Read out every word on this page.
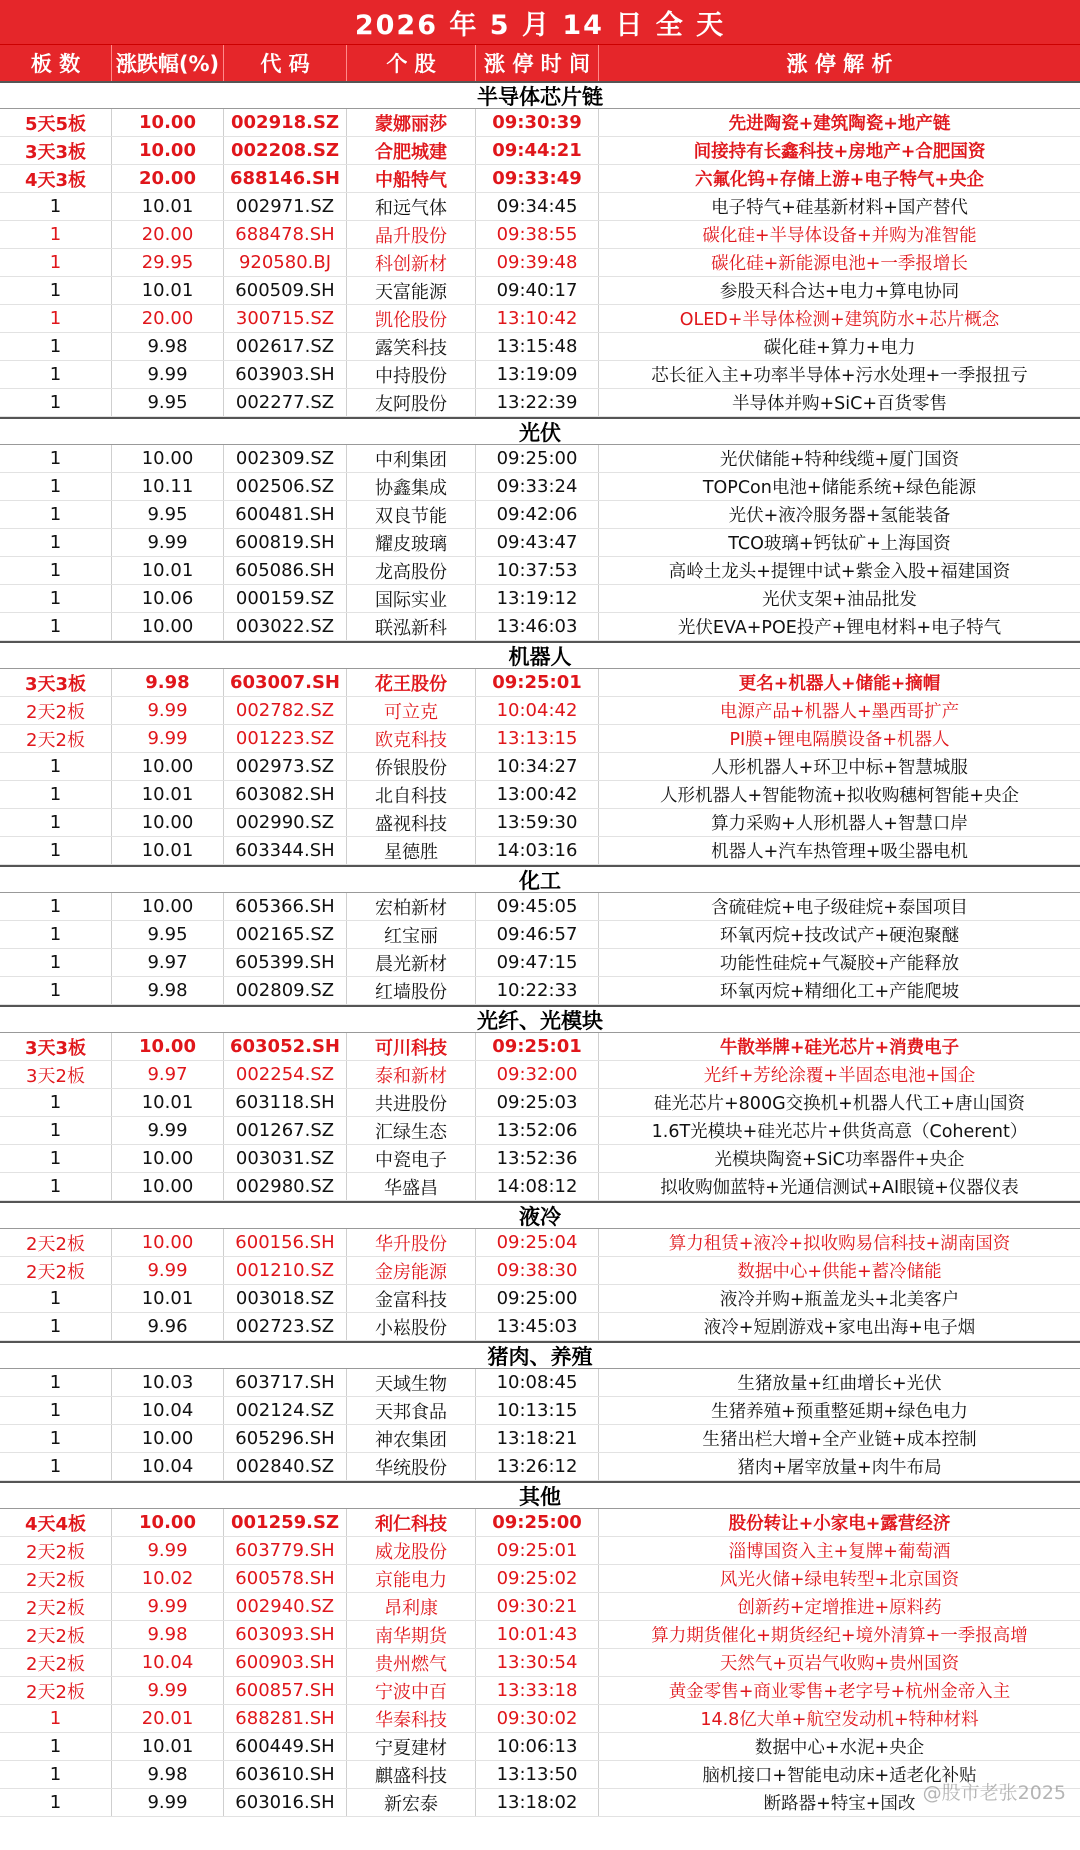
2026 年 5 月 14 日 全 天
板 数	涨跌幅(%)	代 码	个 股	涨 停 时 间	涨 停 解 析
半导体芯片链
5天5板	10.00	002918.SZ	蒙娜丽莎	09:30:39	先进陶瓷+建筑陶瓷+地产链
3天3板	10.00	002208.SZ	合肥城建	09:44:21	间接持有长鑫科技+房地产+合肥国资
4天3板	20.00	688146.SH	中船特气	09:33:49	六氟化钨+存储上游+电子特气+央企
1	10.01	002971.SZ	和远气体	09:34:45	电子特气+硅基新材料+国产替代
1	20.00	688478.SH	晶升股份	09:38:55	碳化硅+半导体设备+并购为准智能
1	29.95	920580.BJ	科创新材	09:39:48	碳化硅+新能源电池+一季报增长
1	10.01	600509.SH	天富能源	09:40:17	参股天科合达+电力+算电协同
1	20.00	300715.SZ	凯伦股份	13:10:42	OLED+半导体检测+建筑防水+芯片概念
1	9.98	002617.SZ	露笑科技	13:15:48	碳化硅+算力+电力
1	9.99	603903.SH	中持股份	13:19:09	芯长征入主+功率半导体+污水处理+一季报扭亏
1	9.95	002277.SZ	友阿股份	13:22:39	半导体并购+SiC+百货零售
光伏
1	10.00	002309.SZ	中利集团	09:25:00	光伏储能+特种线缆+厦门国资
1	10.11	002506.SZ	协鑫集成	09:33:24	TOPCon电池+储能系统+绿色能源
1	9.95	600481.SH	双良节能	09:42:06	光伏+液冷服务器+氢能装备
1	9.99	600819.SH	耀皮玻璃	09:43:47	TCO玻璃+钙钛矿+上海国资
1	10.01	605086.SH	龙高股份	10:37:53	高岭土龙头+提锂中试+紫金入股+福建国资
1	10.06	000159.SZ	国际实业	13:19:12	光伏支架+油品批发
1	10.00	003022.SZ	联泓新科	13:46:03	光伏EVA+POE投产+锂电材料+电子特气
机器人
3天3板	9.98	603007.SH	花王股份	09:25:01	更名+机器人+储能+摘帽
2天2板	9.99	002782.SZ	可立克	10:04:42	电源产品+机器人+墨西哥扩产
2天2板	9.99	001223.SZ	欧克科技	13:13:15	PI膜+锂电隔膜设备+机器人
1	10.00	002973.SZ	侨银股份	10:34:27	人形机器人+环卫中标+智慧城服
1	10.01	603082.SH	北自科技	13:00:42	人形机器人+智能物流+拟收购穗柯智能+央企
1	10.00	002990.SZ	盛视科技	13:59:30	算力采购+人形机器人+智慧口岸
1	10.01	603344.SH	星德胜	14:03:16	机器人+汽车热管理+吸尘器电机
化工
1	10.00	605366.SH	宏柏新材	09:45:05	含硫硅烷+电子级硅烷+泰国项目
1	9.95	002165.SZ	红宝丽	09:46:57	环氧丙烷+技改试产+硬泡聚醚
1	9.97	605399.SH	晨光新材	09:47:15	功能性硅烷+气凝胶+产能释放
1	9.98	002809.SZ	红墙股份	10:22:33	环氧丙烷+精细化工+产能爬坡
光纤、光模块
3天3板	10.00	603052.SH	可川科技	09:25:01	牛散举牌+硅光芯片+消费电子
3天2板	9.97	002254.SZ	泰和新材	09:32:00	光纤+芳纶涂覆+半固态电池+国企
1	10.01	603118.SH	共进股份	09:25:03	硅光芯片+800G交换机+机器人代工+唐山国资
1	9.99	001267.SZ	汇绿生态	13:52:06	1.6T光模块+硅光芯片+供货高意（Coherent）
1	10.00	003031.SZ	中瓷电子	13:52:36	光模块陶瓷+SiC功率器件+央企
1	10.00	002980.SZ	华盛昌	14:08:12	拟收购伽蓝特+光通信测试+AI眼镜+仪器仪表
液冷
2天2板	10.00	600156.SH	华升股份	09:25:04	算力租赁+液冷+拟收购易信科技+湖南国资
2天2板	9.99	001210.SZ	金房能源	09:38:30	数据中心+供能+蓄冷储能
1	10.01	003018.SZ	金富科技	09:25:00	液冷并购+瓶盖龙头+北美客户
1	9.96	002723.SZ	小崧股份	13:45:03	液冷+短剧游戏+家电出海+电子烟
猪肉、养殖
1	10.03	603717.SH	天域生物	10:08:45	生猪放量+红曲增长+光伏
1	10.04	002124.SZ	天邦食品	10:13:15	生猪养殖+预重整延期+绿色电力
1	10.00	605296.SH	神农集团	13:18:21	生猪出栏大增+全产业链+成本控制
1	10.04	002840.SZ	华统股份	13:26:12	猪肉+屠宰放量+肉牛布局
其他
4天4板	10.00	001259.SZ	利仁科技	09:25:00	股份转让+小家电+露营经济
2天2板	9.99	603779.SH	威龙股份	09:25:01	淄博国资入主+复牌+葡萄酒
2天2板	10.02	600578.SH	京能电力	09:25:02	风光火储+绿电转型+北京国资
2天2板	9.99	002940.SZ	昂利康	09:30:21	创新药+定增推进+原料药
2天2板	9.98	603093.SH	南华期货	10:01:43	算力期货催化+期货经纪+境外清算+一季报高增
2天2板	10.04	600903.SH	贵州燃气	13:30:54	天然气+页岩气收购+贵州国资
2天2板	9.99	600857.SH	宁波中百	13:33:18	黄金零售+商业零售+老字号+杭州金帝入主
1	20.01	688281.SH	华秦科技	09:30:02	14.8亿大单+航空发动机+特种材料
1	10.01	600449.SH	宁夏建材	10:06:13	数据中心+水泥+央企
1	9.98	603610.SH	麒盛科技	13:13:50	脑机接口+智能电动床+适老化补贴
1	9.99	603016.SH	新宏泰	13:18:02	断路器+特宝+国改 @股市老张2025
